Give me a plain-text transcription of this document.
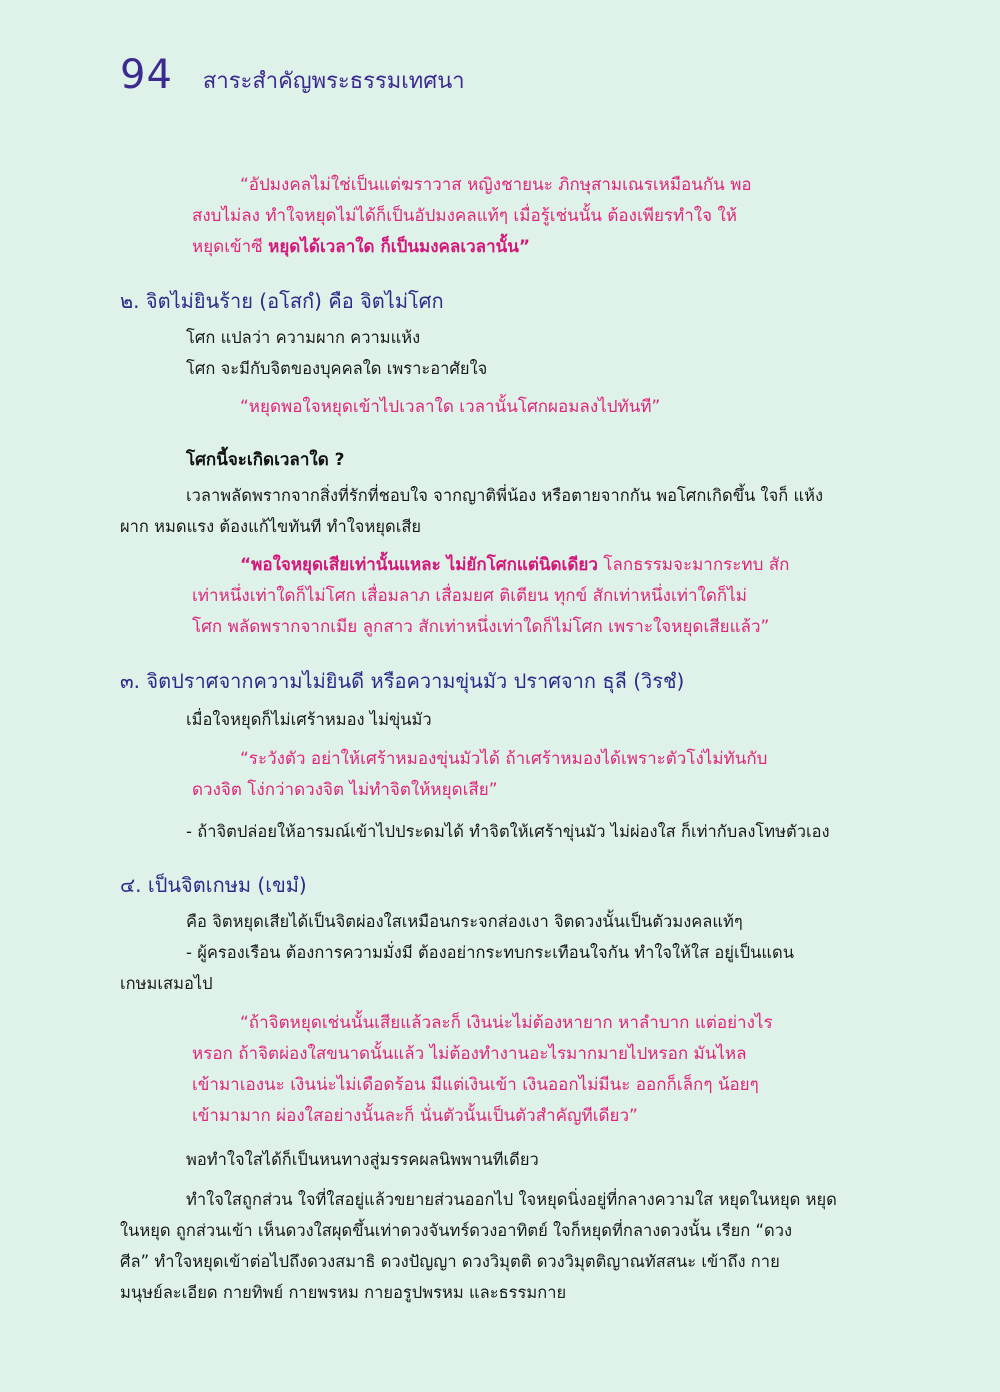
94 สาระสำคัญพระธรรมเทศนา
“อัปมงคลไม่ใช่เป็นแต่ฆราวาส หญิงชายนะ ภิกษุสามเณรเหมือนกัน พอ
สงบไม่ลง ทำใจหยุดไม่ได้ก็เป็นอัปมงคลแท้ๆ เมื่อรู้เช่นนั้น ต้องเพียรทำใจ ให้
หยุดเข้าซี หยุดได้เวลาใด ก็เป็นมงคลเวลานั้น”
๒. จิตไม่ยินร้าย (อโสกํ) คือ จิตไม่โศก
โศก แปลว่า ความผาก ความแห้ง
โศก จะมีกับจิตของบุคคลใด เพราะอาศัยใจ
“หยุดพอใจหยุดเข้าไปเวลาใด เวลานั้นโศกผอมลงไปทันที”
โศกนี้จะเกิดเวลาใด ?
เวลาพลัดพรากจากสิ่งที่รักที่ชอบใจ จากญาติพี่น้อง หรือตายจากกัน พอโศกเกิดขึ้น ใจก็ แห้ง
ผาก หมดแรง ต้องแก้ไขทันที ทำใจหยุดเสีย
“พอใจหยุดเสียเท่านั้นแหละ ไม่ยักโศกแต่นิดเดียว โลกธรรมจะมากระทบ สัก
เท่าหนึ่งเท่าใดก็ไม่โศก เสื่อมลาภ เสื่อมยศ ติเตียน ทุกข์ สักเท่าหนึ่งเท่าใดก็ไม่
โศก พลัดพรากจากเมีย ลูกสาว สักเท่าหนึ่งเท่าใดก็ไม่โศก เพราะใจหยุดเสียแล้ว”
๓. จิตปราศจากความไม่ยินดี หรือความขุ่นมัว ปราศจาก ธุลี (วิรชํ)
เมื่อใจหยุดก็ไม่เศร้าหมอง ไม่ขุ่นมัว
“ระวังตัว อย่าให้เศร้าหมองขุ่นมัวได้ ถ้าเศร้าหมองได้เพราะตัวโง่ไม่ทันกับ
ดวงจิต โง่กว่าดวงจิต ไม่ทำจิตให้หยุดเสีย”
- ถ้าจิตปล่อยให้อารมณ์เข้าไปประดมได้ ทำจิตให้เศร้าขุ่นมัว ไม่ผ่องใส ก็เท่ากับลงโทษตัวเอง
๔. เป็นจิตเกษม (เขมํ)
คือ จิตหยุดเสียได้เป็นจิตผ่องใสเหมือนกระจกส่องเงา จิตดวงนั้นเป็นตัวมงคลแท้ๆ
- ผู้ครองเรือน ต้องการความมั่งมี ต้องอย่ากระทบกระเทือนใจกัน ทำใจให้ใส อยู่เป็นแดน
เกษมเสมอไป
“ถ้าจิตหยุดเช่นนั้นเสียแล้วละก็ เงินน่ะไม่ต้องหายาก หาลำบาก แต่อย่างไร
หรอก ถ้าจิตผ่องใสขนาดนั้นแล้ว ไม่ต้องทำงานอะไรมากมายไปหรอก มันไหล
เข้ามาเองนะ เงินน่ะไม่เดือดร้อน มีแต่เงินเข้า เงินออกไม่มีนะ ออกก็เล็กๆ น้อยๆ
เข้ามามาก ผ่องใสอย่างนั้นละก็ นั่นตัวนั้นเป็นตัวสำคัญทีเดียว”
พอทำใจใสได้ก็เป็นหนทางสู่มรรคผลนิพพานทีเดียว
ทำใจใสถูกส่วน ใจที่ใสอยู่แล้วขยายส่วนออกไป ใจหยุดนิ่งอยู่ที่กลางความใส หยุดในหยุด หยุด
ในหยุด ถูกส่วนเข้า เห็นดวงใสผุดขึ้นเท่าดวงจันทร์ดวงอาทิตย์ ใจก็หยุดที่กลางดวงนั้น เรียก “ดวง
ศีล” ทำใจหยุดเข้าต่อไปถึงดวงสมาธิ ดวงปัญญา ดวงวิมุตติ ดวงวิมุตติญาณทัสสนะ เข้าถึง กาย
มนุษย์ละเอียด กายทิพย์ กายพรหม กายอรูปพรหม และธรรมกาย
